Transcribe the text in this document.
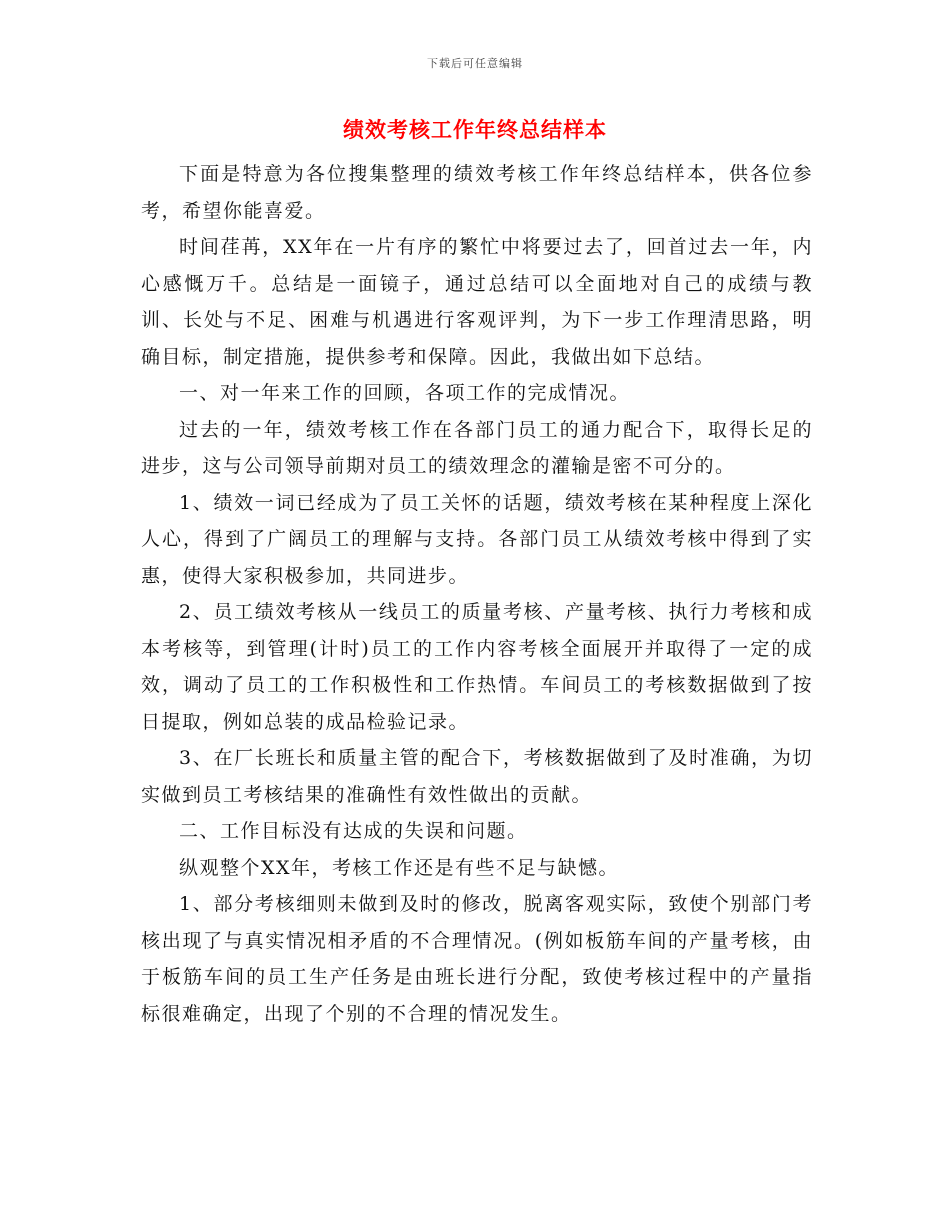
下载后可任意编辑
绩效考核工作年终总结样本

下面是特意为各位搜集整理的绩效考核工作年终总结样本，供各位参考，希望你能喜爱。

时间荏苒，XX年在一片有序的繁忙中将要过去了，回首过去一年，内心感慨万千。总结是一面镜子，通过总结可以全面地对自己的成绩与教训、长处与不足、困难与机遇进行客观评判，为下一步工作理清思路，明确目标，制定措施，提供参考和保障。因此，我做出如下总结。

一、对一年来工作的回顾，各项工作的完成情况。

过去的一年，绩效考核工作在各部门员工的通力配合下，取得长足的进步，这与公司领导前期对员工的绩效理念的灌输是密不可分的。

1、绩效一词已经成为了员工关怀的话题，绩效考核在某种程度上深化人心，得到了广阔员工的理解与支持。各部门员工从绩效考核中得到了实惠，使得大家积极参加，共同进步。

2、员工绩效考核从一线员工的质量考核、产量考核、执行力考核和成本考核等，到管理(计时)员工的工作内容考核全面展开并取得了一定的成效，调动了员工的工作积极性和工作热情。车间员工的考核数据做到了按日提取，例如总装的成品检验记录。

3、在厂长班长和质量主管的配合下，考核数据做到了及时准确，为切实做到员工考核结果的准确性有效性做出的贡献。

二、工作目标没有达成的失误和问题。

纵观整个XX年，考核工作还是有些不足与缺憾。

1、部分考核细则未做到及时的修改，脱离客观实际，致使个别部门考核出现了与真实情况相矛盾的不合理情况。(例如板筋车间的产量考核，由于板筋车间的员工生产任务是由班长进行分配，致使考核过程中的产量指标很难确定，出现了个别的不合理的情况发生。
